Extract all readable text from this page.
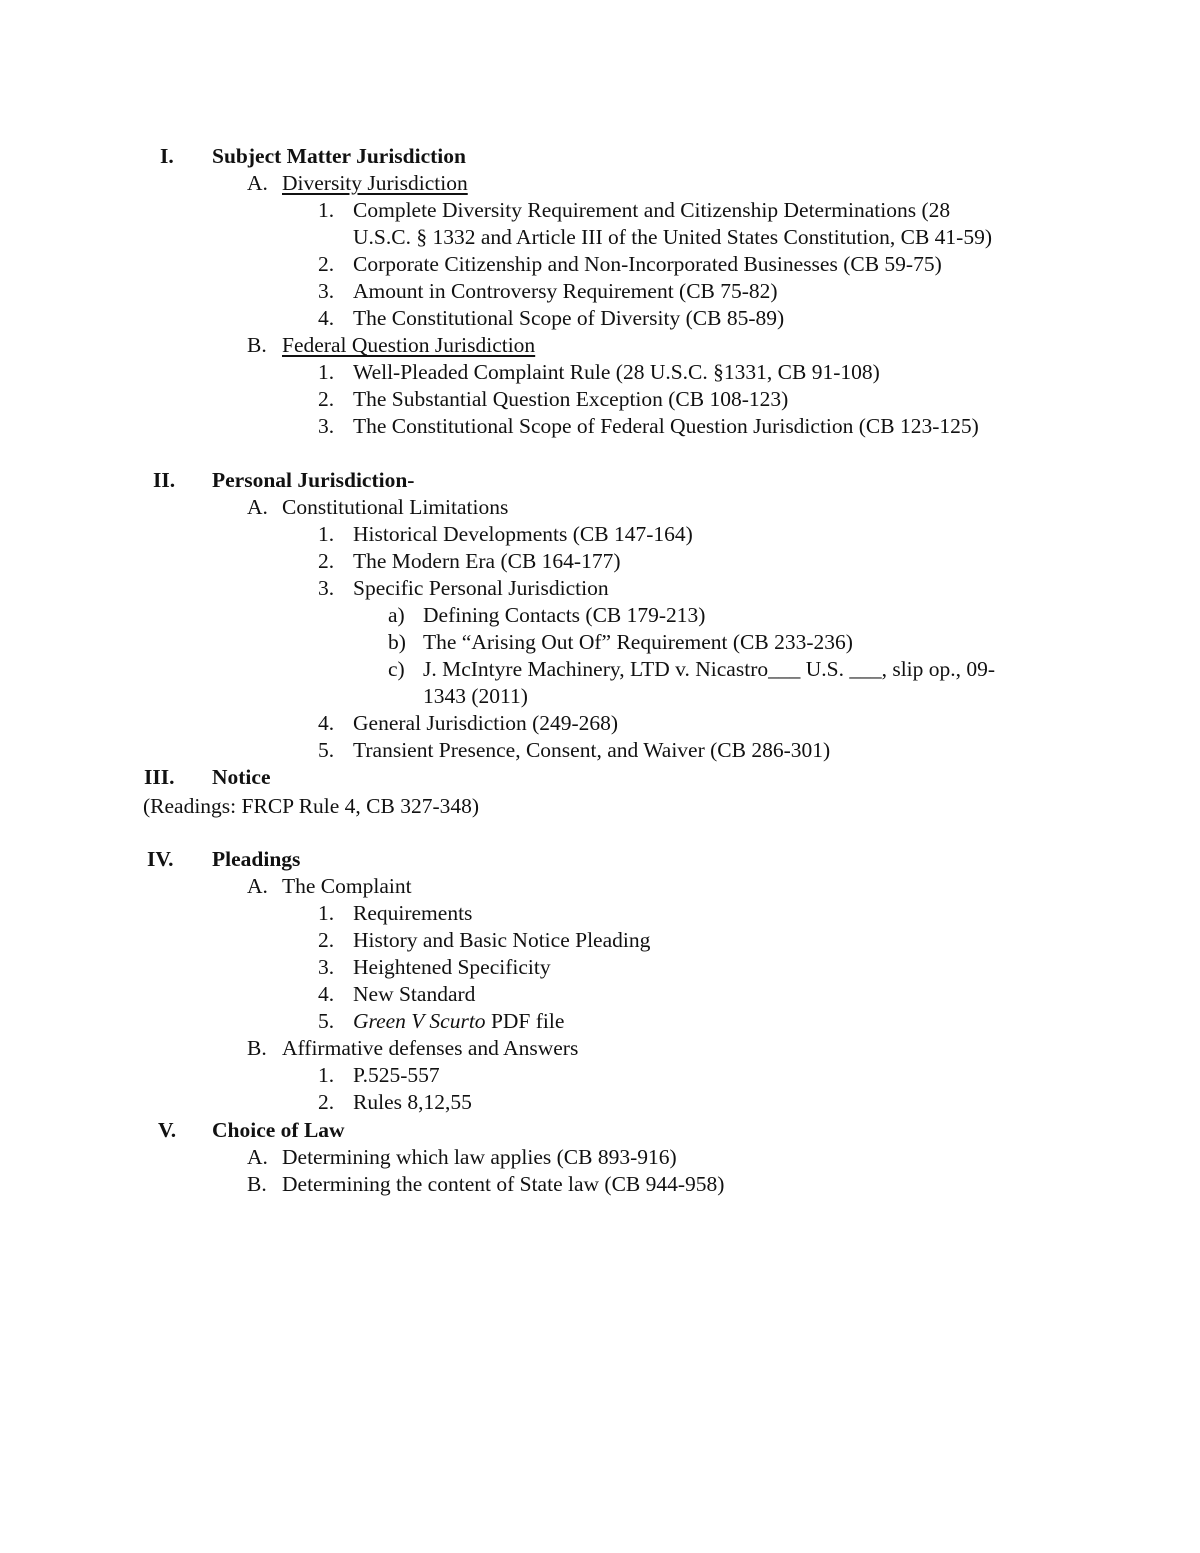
I. Subject Matter Jurisdiction
A. Diversity Jurisdiction
1. Complete Diversity Requirement and Citizenship Determinations (28
U.S.C. § 1332 and Article III of the United States Constitution, CB 41-59)
2. Corporate Citizenship and Non-Incorporated Businesses (CB 59-75)
3. Amount in Controversy Requirement (CB 75-82)
4. The Constitutional Scope of Diversity (CB 85-89)
B. Federal Question Jurisdiction
1. Well-Pleaded Complaint Rule (28 U.S.C. §1331, CB 91-108)
2. The Substantial Question Exception (CB 108-123)
3. The Constitutional Scope of Federal Question Jurisdiction (CB 123-125)
II. Personal Jurisdiction-
A. Constitutional Limitations
1. Historical Developments (CB 147-164)
2. The Modern Era (CB 164-177)
3. Specific Personal Jurisdiction
a) Defining Contacts (CB 179-213)
b) The “Arising Out Of” Requirement (CB 233-236)
c) J. McIntyre Machinery, LTD v. Nicastro___ U.S. ___, slip op., 09-
1343 (2011)
4. General Jurisdiction (249-268)
5. Transient Presence, Consent, and Waiver (CB 286-301)
III. Notice
(Readings: FRCP Rule 4, CB 327-348)
IV. Pleadings
A. The Complaint
1. Requirements
2. History and Basic Notice Pleading
3. Heightened Specificity
4. New Standard
5. Green V Scurto PDF file
B. Affirmative defenses and Answers
1. P.525-557
2. Rules 8,12,55
V. Choice of Law
A. Determining which law applies (CB 893-916)
B. Determining the content of State law (CB 944-958)
